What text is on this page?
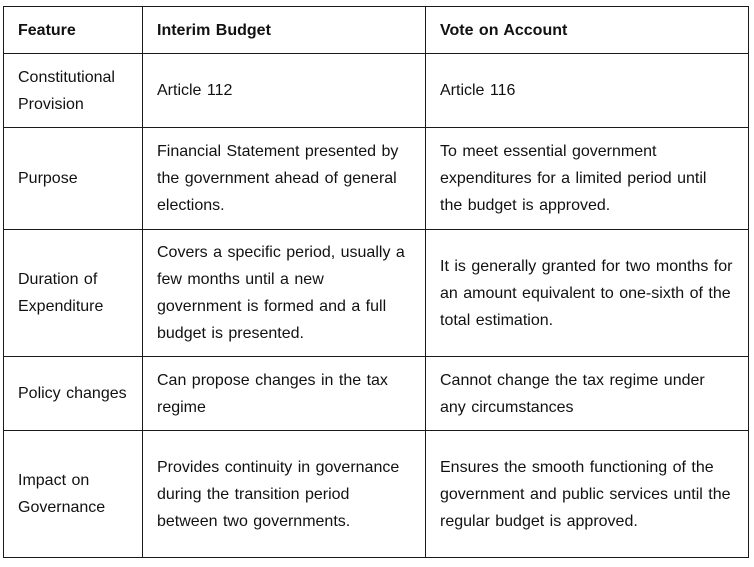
Feature	Interim Budget	Vote on Account
Constitutional Provision	Article 112	Article 116
Purpose	Financial Statement presented by the government ahead of general elections.	To meet essential government expenditures for a limited period until the budget is approved.
Duration of Expenditure	Covers a specific period, usually a few months until a new government is formed and a full budget is presented.	It is generally granted for two months for an amount equivalent to one-sixth of the total estimation.
Policy changes	Can propose changes in the tax regime	Cannot change the tax regime under any circumstances
Impact on Governance	Provides continuity in governance during the transition period between two governments.	Ensures the smooth functioning of the government and public services until the regular budget is approved.
